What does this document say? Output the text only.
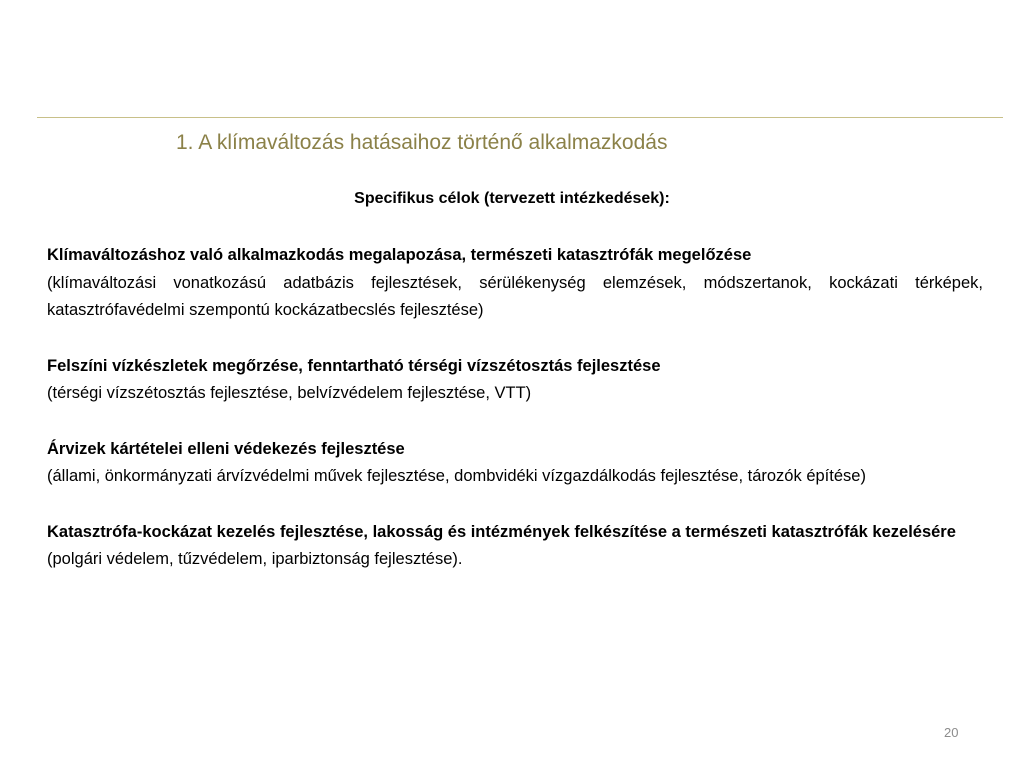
1. A klímaváltozás hatásaihoz történő alkalmazkodás
Specifikus célok (tervezett intézkedések):
Klímaváltozáshoz való alkalmazkodás megalapozása, természeti katasztrófák megelőzése
(klímaváltozási vonatkozású adatbázis fejlesztések, sérülékenység elemzések, módszertanok, kockázati térképek, katasztrófavédelmi szempontú kockázatbecslés fejlesztése)
Felszíni vízkészletek megőrzése, fenntartható térségi vízszétosztás fejlesztése
(térségi vízszétosztás fejlesztése, belvízvédelem fejlesztése, VTT)
Árvizek kártételei elleni védekezés fejlesztése
(állami, önkormányzati árvízvédelmi művek fejlesztése, dombvidéki vízgazdálkodás fejlesztése, tározók építése)
Katasztrófa-kockázat kezelés fejlesztése, lakosság és intézmények felkészítése a természeti katasztrófák kezelésére
(polgári védelem, tűzvédelem, iparbiztonság fejlesztése).
20
